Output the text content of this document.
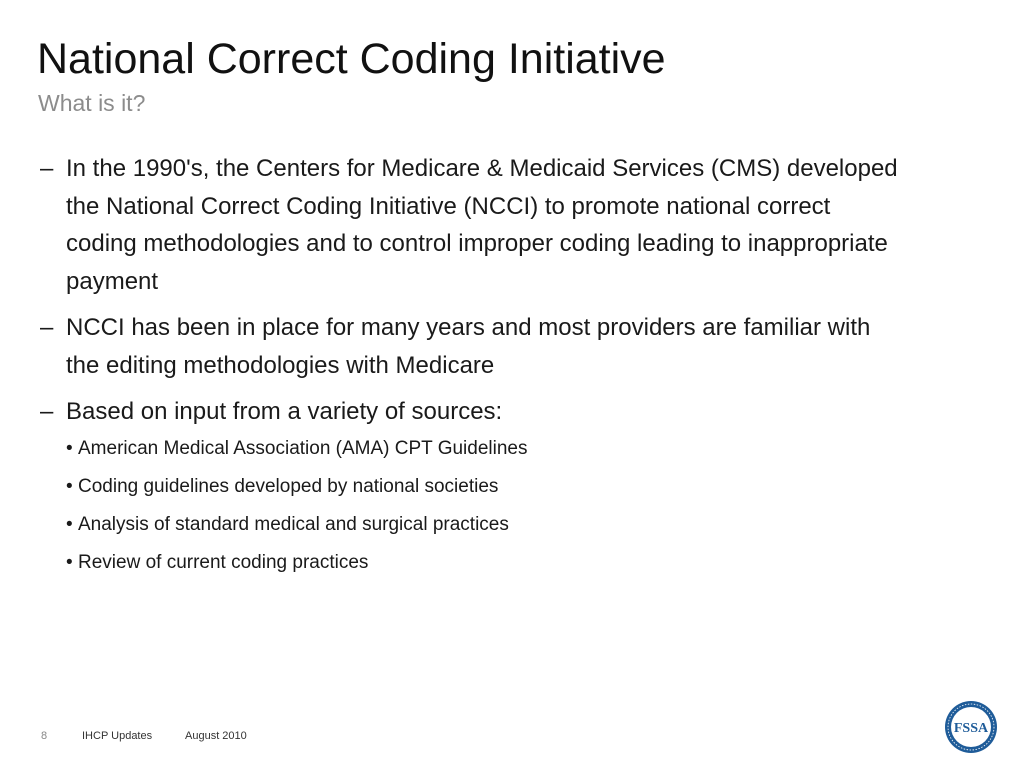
National Correct Coding Initiative
What is it?
– In the 1990's, the Centers for Medicare & Medicaid Services (CMS) developed the National Correct Coding Initiative (NCCI) to promote national correct coding methodologies and to control improper coding leading to inappropriate payment
– NCCI has been in place for many years and most providers are familiar with the editing methodologies with Medicare
– Based on input from a variety of sources:
• American Medical Association (AMA) CPT Guidelines
• Coding guidelines developed by national societies
• Analysis of standard medical and surgical practices
• Review of current coding practices
8	IHCP Updates	August 2010	FSSA
